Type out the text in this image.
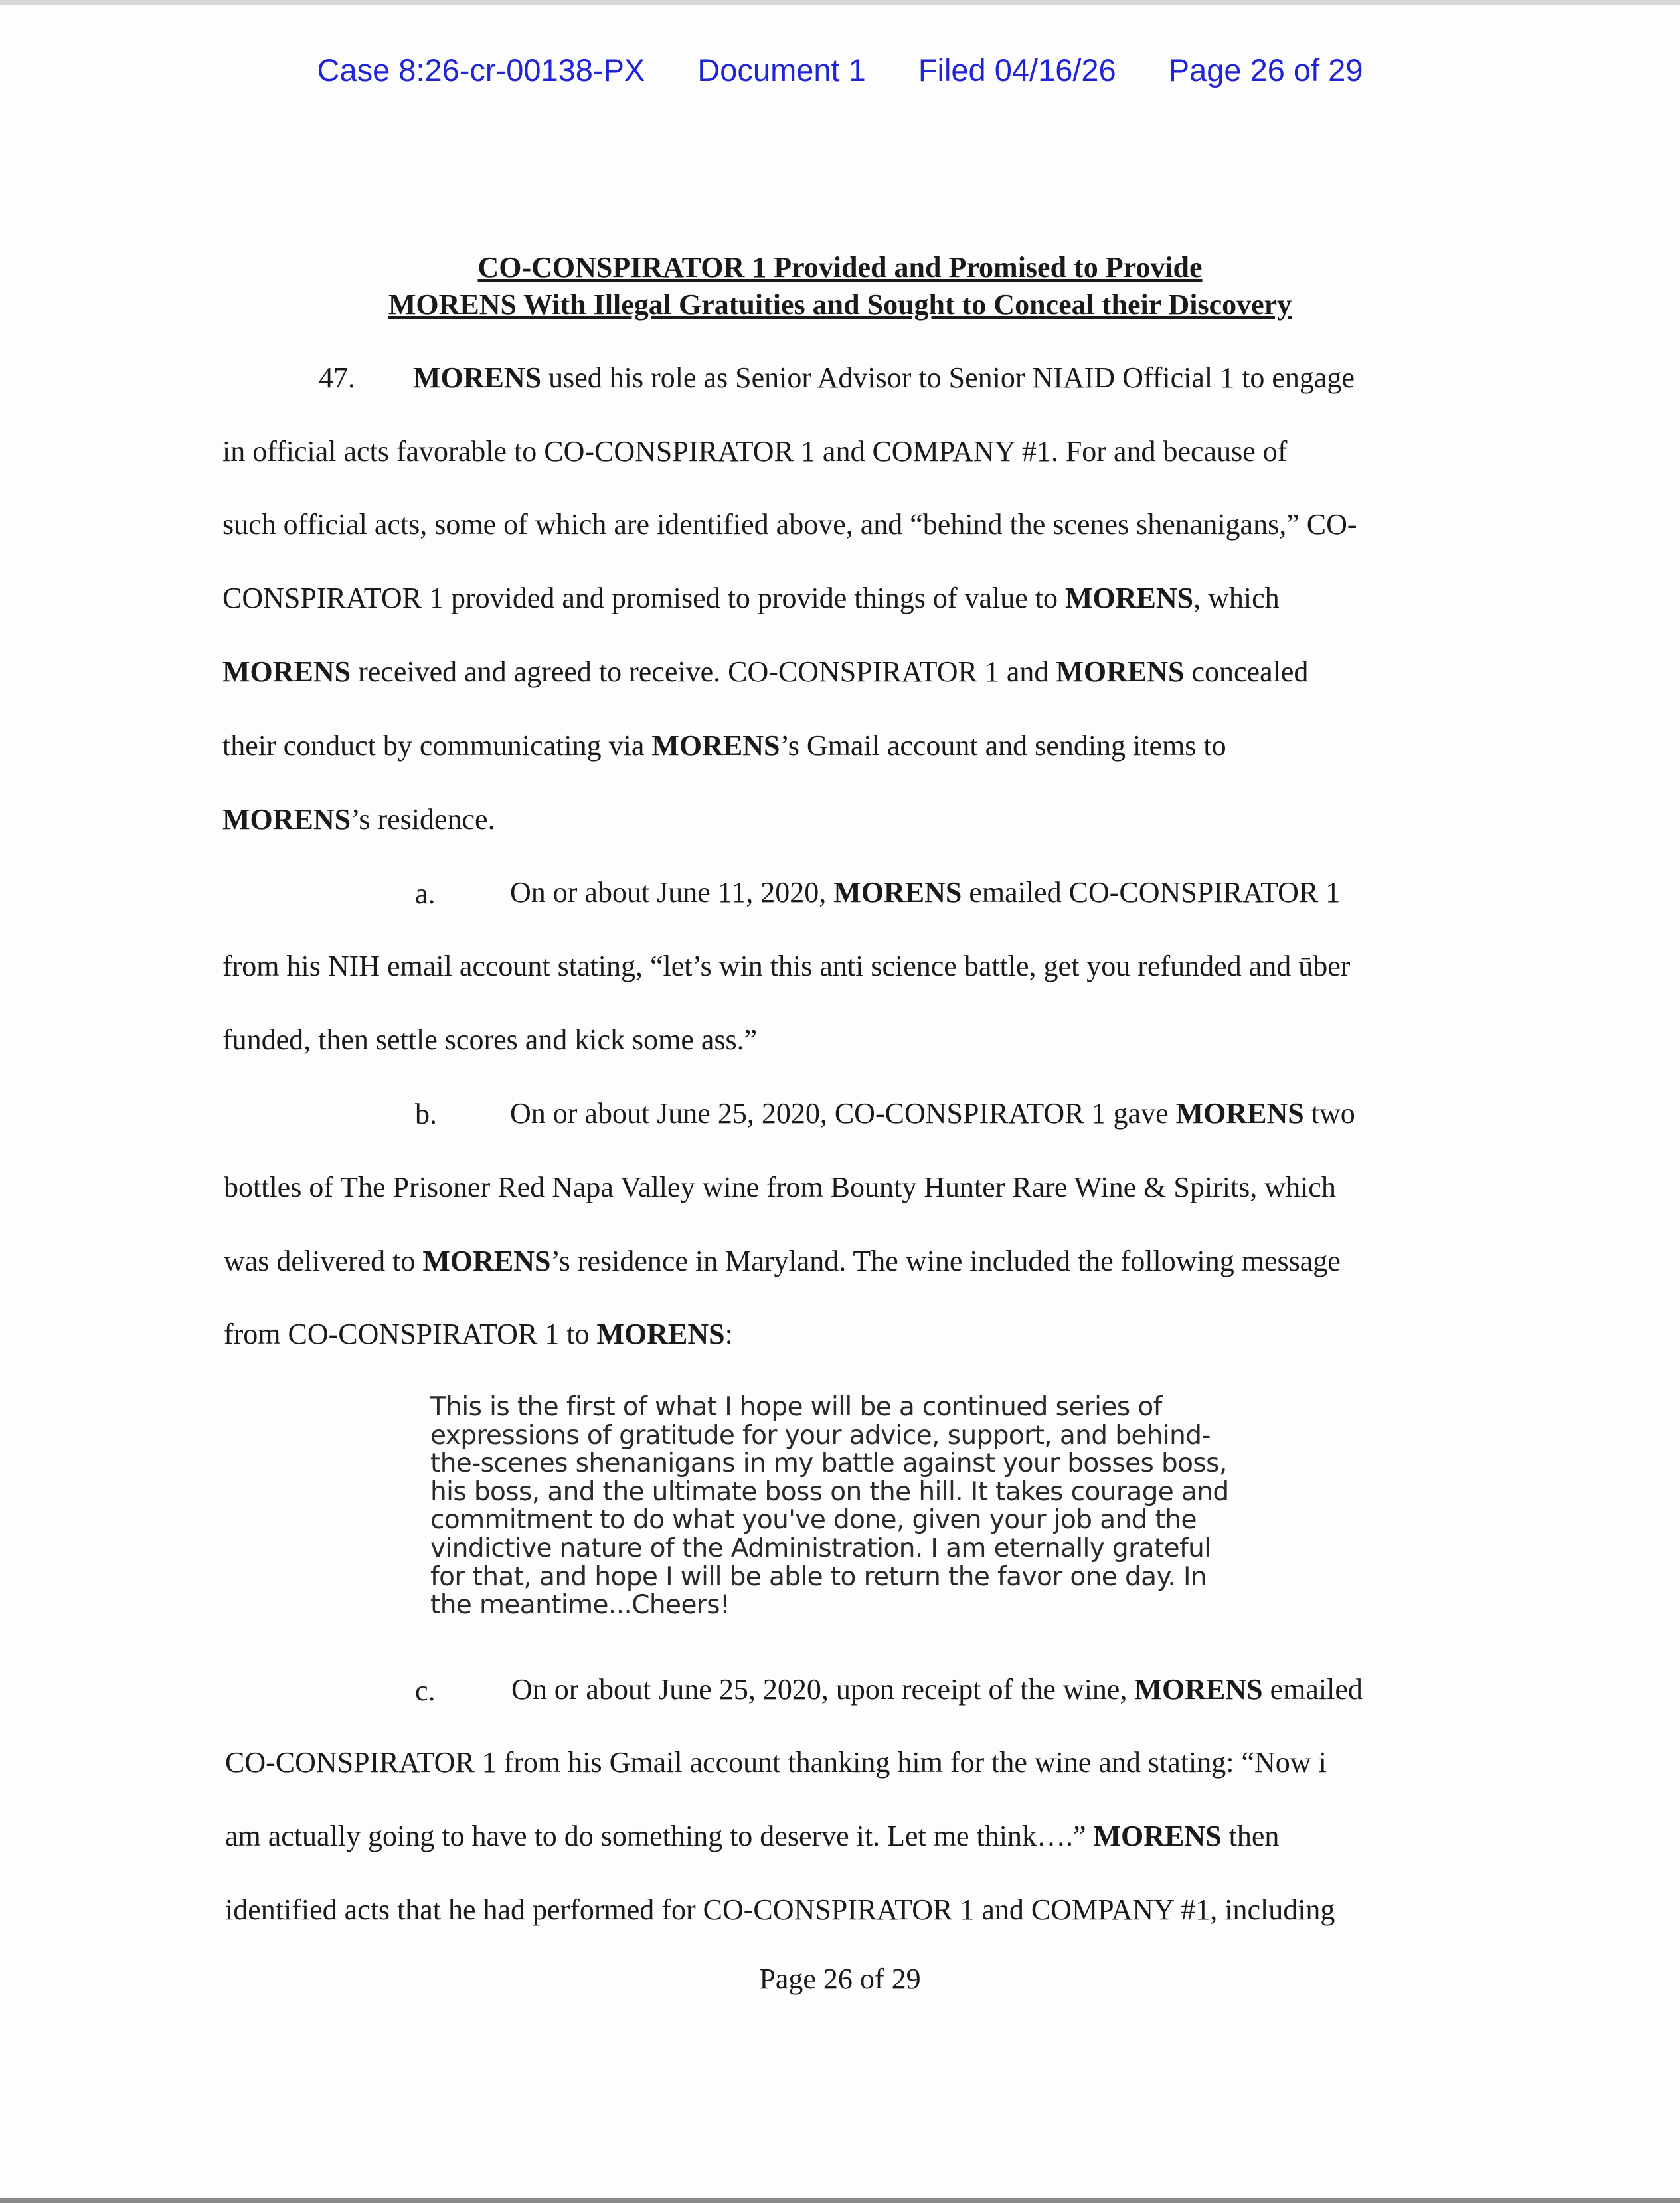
Case 8:26-cr-00138-PX Document 1 Filed 04/16/26 Page 26 of 29
CO-CONSPIRATOR 1 Provided and Promised to Provide
MORENS With Illegal Gratuities and Sought to Conceal their Discovery
47. MORENS used his role as Senior Advisor to Senior NIAID Official 1 to engage
in official acts favorable to CO-CONSPIRATOR 1 and COMPANY #1. For and because of
such official acts, some of which are identified above, and “behind the scenes shenanigans,” CO-
CONSPIRATOR 1 provided and promised to provide things of value to MORENS, which
MORENS received and agreed to receive. CO-CONSPIRATOR 1 and MORENS concealed
their conduct by communicating via MORENS’s Gmail account and sending items to
MORENS’s residence.
a.	On or about June 11, 2020, MORENS emailed CO-CONSPIRATOR 1
from his NIH email account stating, “let’s win this anti science battle, get you refunded and ūber
funded, then settle scores and kick some ass.”
b.	On or about June 25, 2020, CO-CONSPIRATOR 1 gave MORENS two
bottles of The Prisoner Red Napa Valley wine from Bounty Hunter Rare Wine & Spirits, which
was delivered to MORENS’s residence in Maryland. The wine included the following message
from CO-CONSPIRATOR 1 to MORENS:
This is the first of what I hope will be a continued series of
expressions of gratitude for your advice, support, and behind-
the-scenes shenanigans in my battle against your bosses boss,
his boss, and the ultimate boss on the hill. It takes courage and
commitment to do what you've done, given your job and the
vindictive nature of the Administration. I am eternally grateful
for that, and hope I will be able to return the favor one day. In
the meantime...Cheers!
c.	On or about June 25, 2020, upon receipt of the wine, MORENS emailed
CO-CONSPIRATOR 1 from his Gmail account thanking him for the wine and stating: “Now i
am actually going to have to do something to deserve it. Let me think….” MORENS then
identified acts that he had performed for CO-CONSPIRATOR 1 and COMPANY #1, including
Page 26 of 29
